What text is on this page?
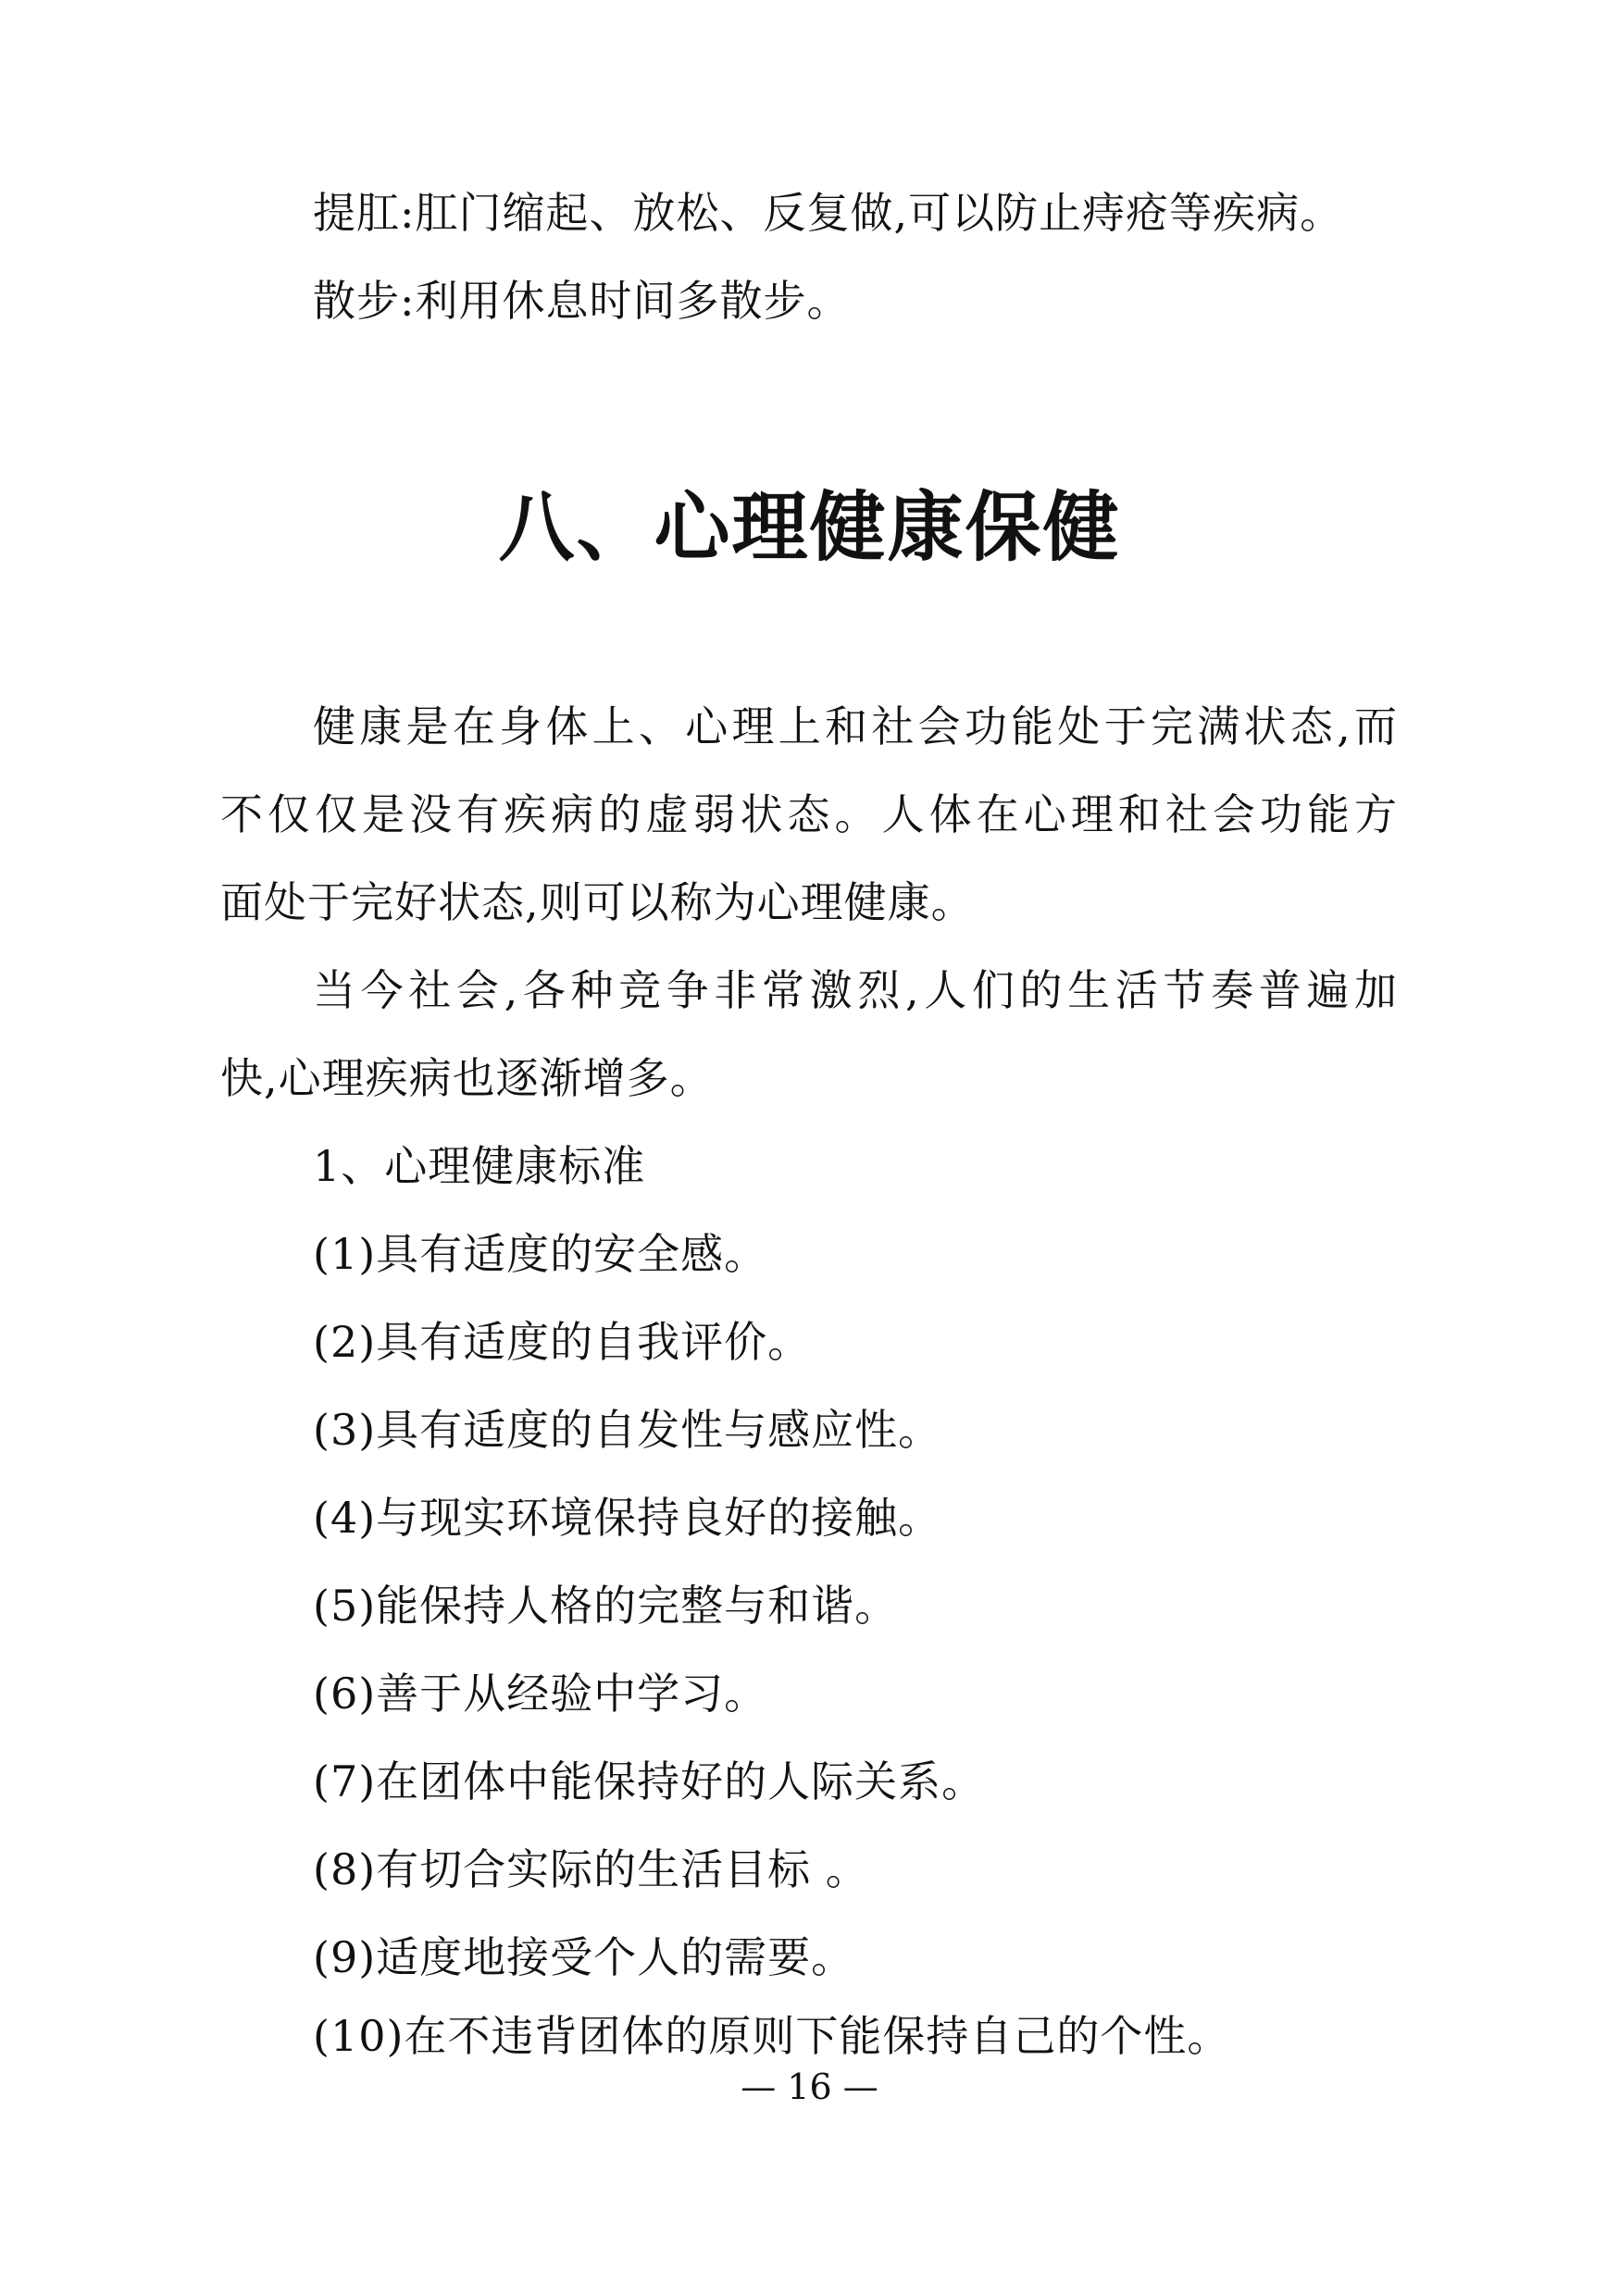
提肛:肛门缩起、放松、反复做,可以防止痔疮等疾病。
散步:利用休息时间多散步。
八、心理健康保健
健康是在身体上、心理上和社会功能处于完满状态,而
不仅仅是没有疾病的虚弱状态。人体在心理和社会功能方
面处于完好状态,则可以称为心理健康。
当今社会,各种竞争非常激烈,人们的生活节奏普遍加
快,心理疾病也逐渐增多。
1、心理健康标准
(1)具有适度的安全感。
(2)具有适度的自我评价。
(3)具有适度的自发性与感应性。
(4)与现实环境保持良好的接触。
(5)能保持人格的完整与和谐。
(6)善于从经验中学习。
(7)在团体中能保持好的人际关系。
(8)有切合实际的生活目标 。
(9)适度地接受个人的需要。
(10)在不违背团体的原则下能保持自己的个性。
— 16 —
